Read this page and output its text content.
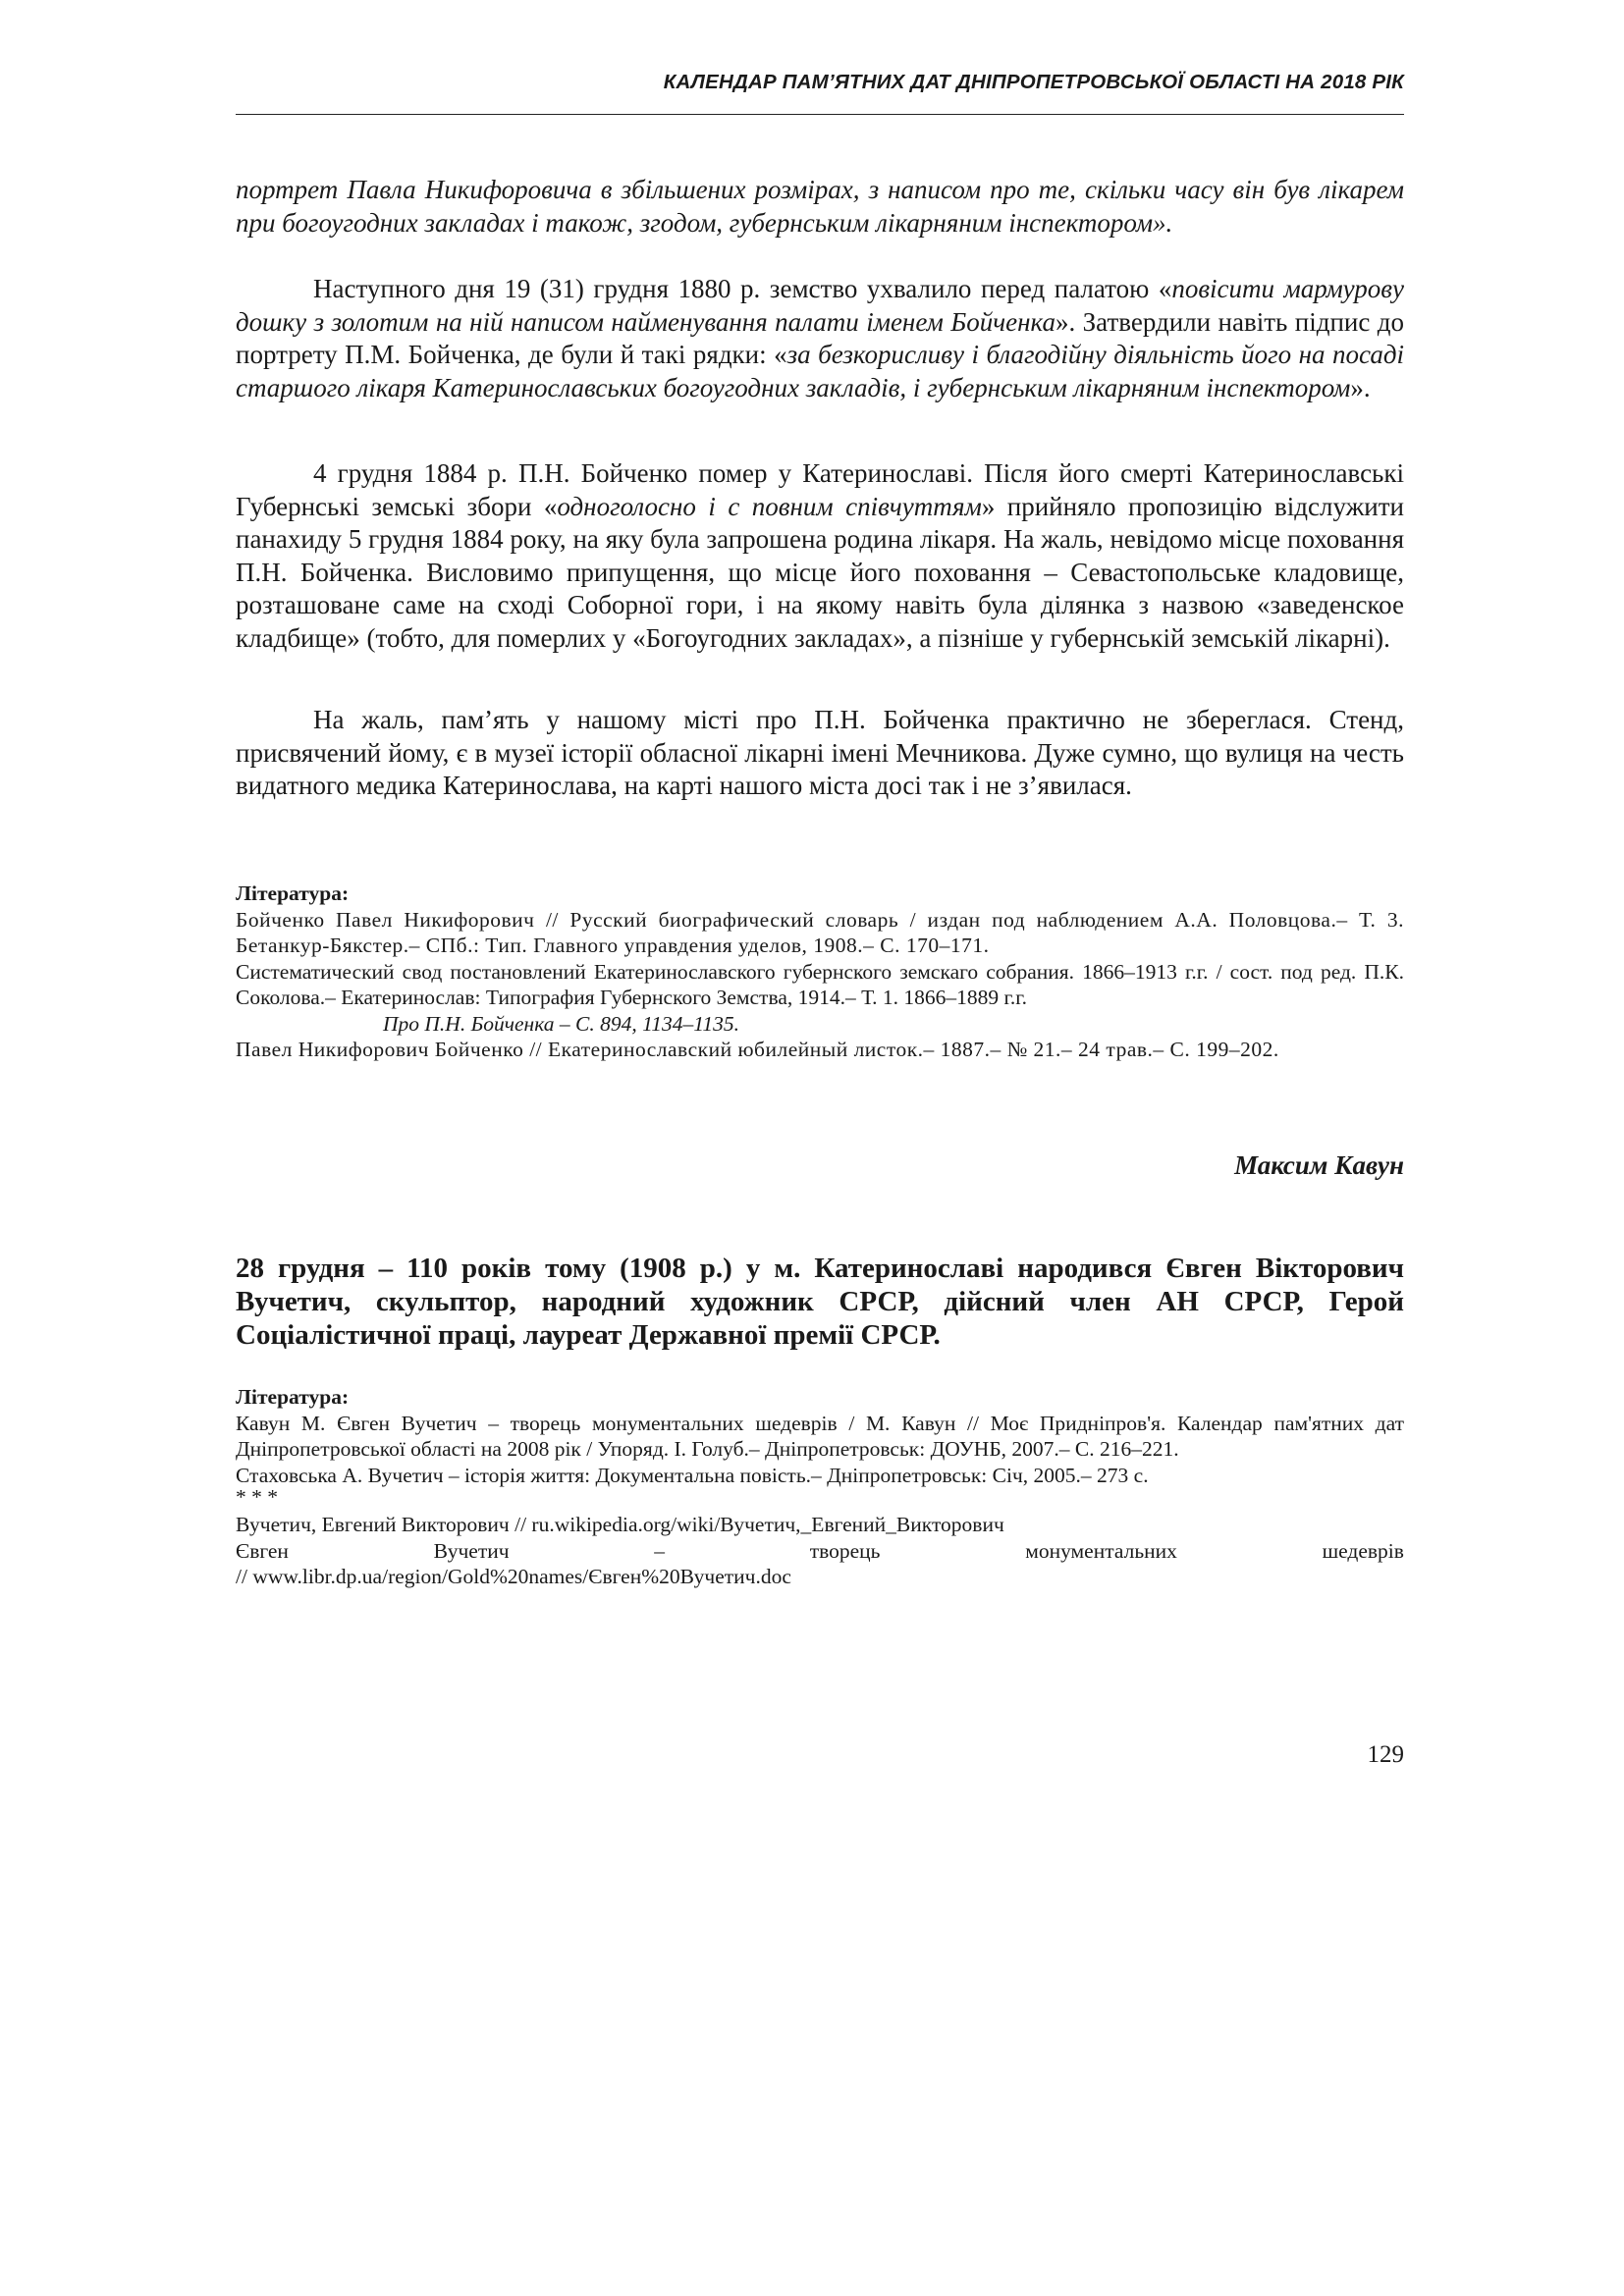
КАЛЕНДАР ПАМ’ЯТНИХ ДАТ ДНІПРОПЕТРОВСЬКОЇ ОБЛАСТІ НА 2018 РІК
портрет Павла Никифоровича в збільшених розмірах, з написом про те, скільки часу він був лікарем при богоугодних закладах і також, згодом, губернським лікарняним інспектором».
Наступного дня 19 (31) грудня 1880 р. земство ухвалило перед палатою «повісити мармурову дошку з золотим на ній написом найменування палати іменем Бойченка». Затвердили навіть підпис до портрету П.М. Бойченка, де були й такі рядки: «за безкорисливу і благодійну діяльність його на посаді старшого лікаря Катеринославських богоугодних закладів, і губернським лікарняним інспектором».
4 грудня 1884 р. П.Н. Бойченко помер у Катеринославі. Після його смерті Катеринославські Губернські земські збори «одноголосно і с повним співчуттям» прийняло пропозицію відслужити панахиду 5 грудня 1884 року, на яку була запрошена родина лікаря. На жаль, невідомо місце поховання П.Н. Бойченка. Висловимо припущення, що місце його поховання – Севастопольське кладовище, розташоване саме на сході Соборної гори, і на якому навіть була ділянка з назвою «заведенское кладбище» (тобто, для померлих у «Богоугодних закладах», а пізніше у губернській земській лікарні).
На жаль, пам’ять у нашому місті про П.Н. Бойченка практично не збереглася. Стенд, присвячений йому, є в музеї історії обласної лікарні імені Мечникова. Дуже сумно, що вулиця на честь видатного медика Катеринослава, на карті нашого міста досі так і не з’явилася.
Література:
Бойченко Павел Никифорович // Русский биографический словарь / издан под наблюдением А.А. Половцова.– Т. 3. Бетанкур-Бякстер.– СПб.: Тип. Главного управдения уделов, 1908.– С. 170–171.
Систематический свод постановлений Екатеринославского губернского земскаго собрания. 1866–1913 г.г. / сост. под ред. П.К. Соколова.– Екатеринослав: Типография Губернского Земства, 1914.– Т. 1. 1866–1889 г.г.
Про П.Н. Бойченка – С. 894, 1134–1135.
Павел Никифорович Бойченко // Екатеринославский юбилейный листок.– 1887.– № 21.– 24 трав.– С. 199–202.
Максим Кавун
28 грудня – 110 років тому (1908 р.) у м. Катеринославі народився Євген Вікторович Вучетич, скульптор, народний художник СРСР, дійсний член АН СРСР, Герой Соціалістичної праці, лауреат Державної премії СРСР.
Література:
Кавун М. Євген Вучетич – творець монументальних шедеврів / М. Кавун // Моє Придніпров'я. Календар пам'ятних дат Дніпропетровської області на 2008 рік / Упоряд. І. Голуб.– Дніпропетровськ: ДОУНБ, 2007.– С. 216–221.
Стаховська А. Вучетич – історія життя: Документальна повість.– Дніпропетровськ: Січ, 2005.– 273 с.
* * *
Вучетич, Евгений Викторович // ru.wikipedia.org/wiki/Вучетич,_Евгений_Викторович
Євген	Вучетич	–	творець	монументальних	шедеврів
// www.libr.dp.ua/region/Gold%20names/Євген%20Вучетич.doc
129
